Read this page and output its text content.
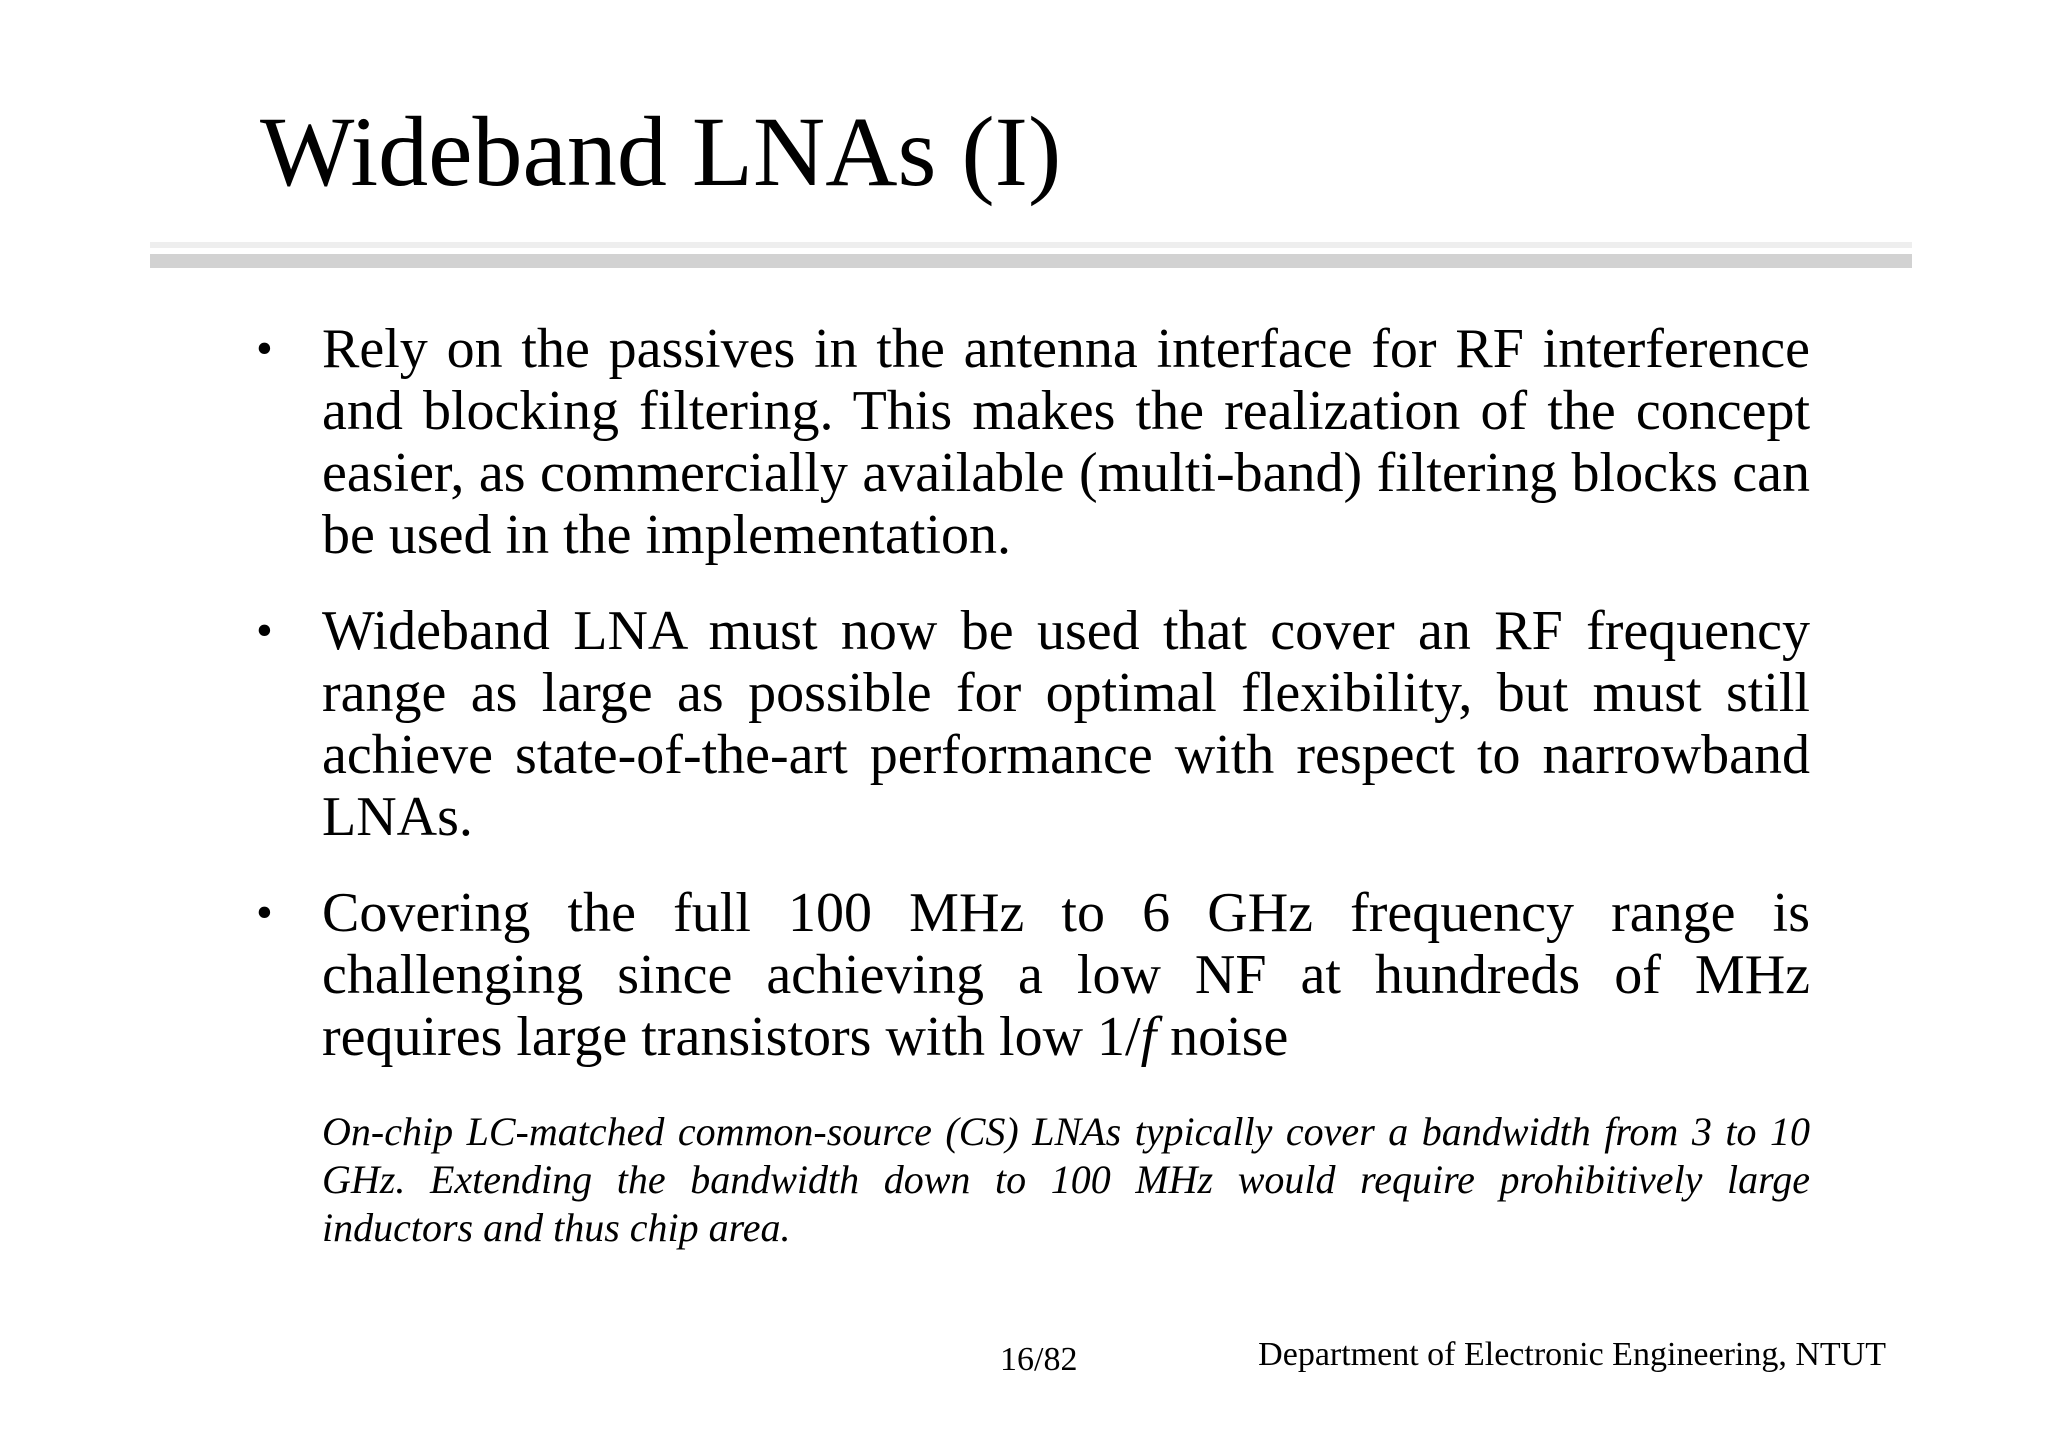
Wideband LNAs (I)
• Rely on the passives in the antenna interface for RF interference and blocking filtering. This makes the realization of the concept easier, as commercially available (multi-band) filtering blocks can be used in the implementation.
• Wideband LNA must now be used that cover an RF frequency range as large as possible for optimal flexibility, but must still achieve state-of-the-art performance with respect to narrowband LNAs.
• Covering the full 100 MHz to 6 GHz frequency range is challenging since achieving a low NF at hundreds of MHz requires large transistors with low 1/f noise
On-chip LC-matched common-source (CS) LNAs typically cover a bandwidth from 3 to 10 GHz. Extending the bandwidth down to 100 MHz would require prohibitively large inductors and thus chip area.
16/82	Department of Electronic Engineering, NTUT
